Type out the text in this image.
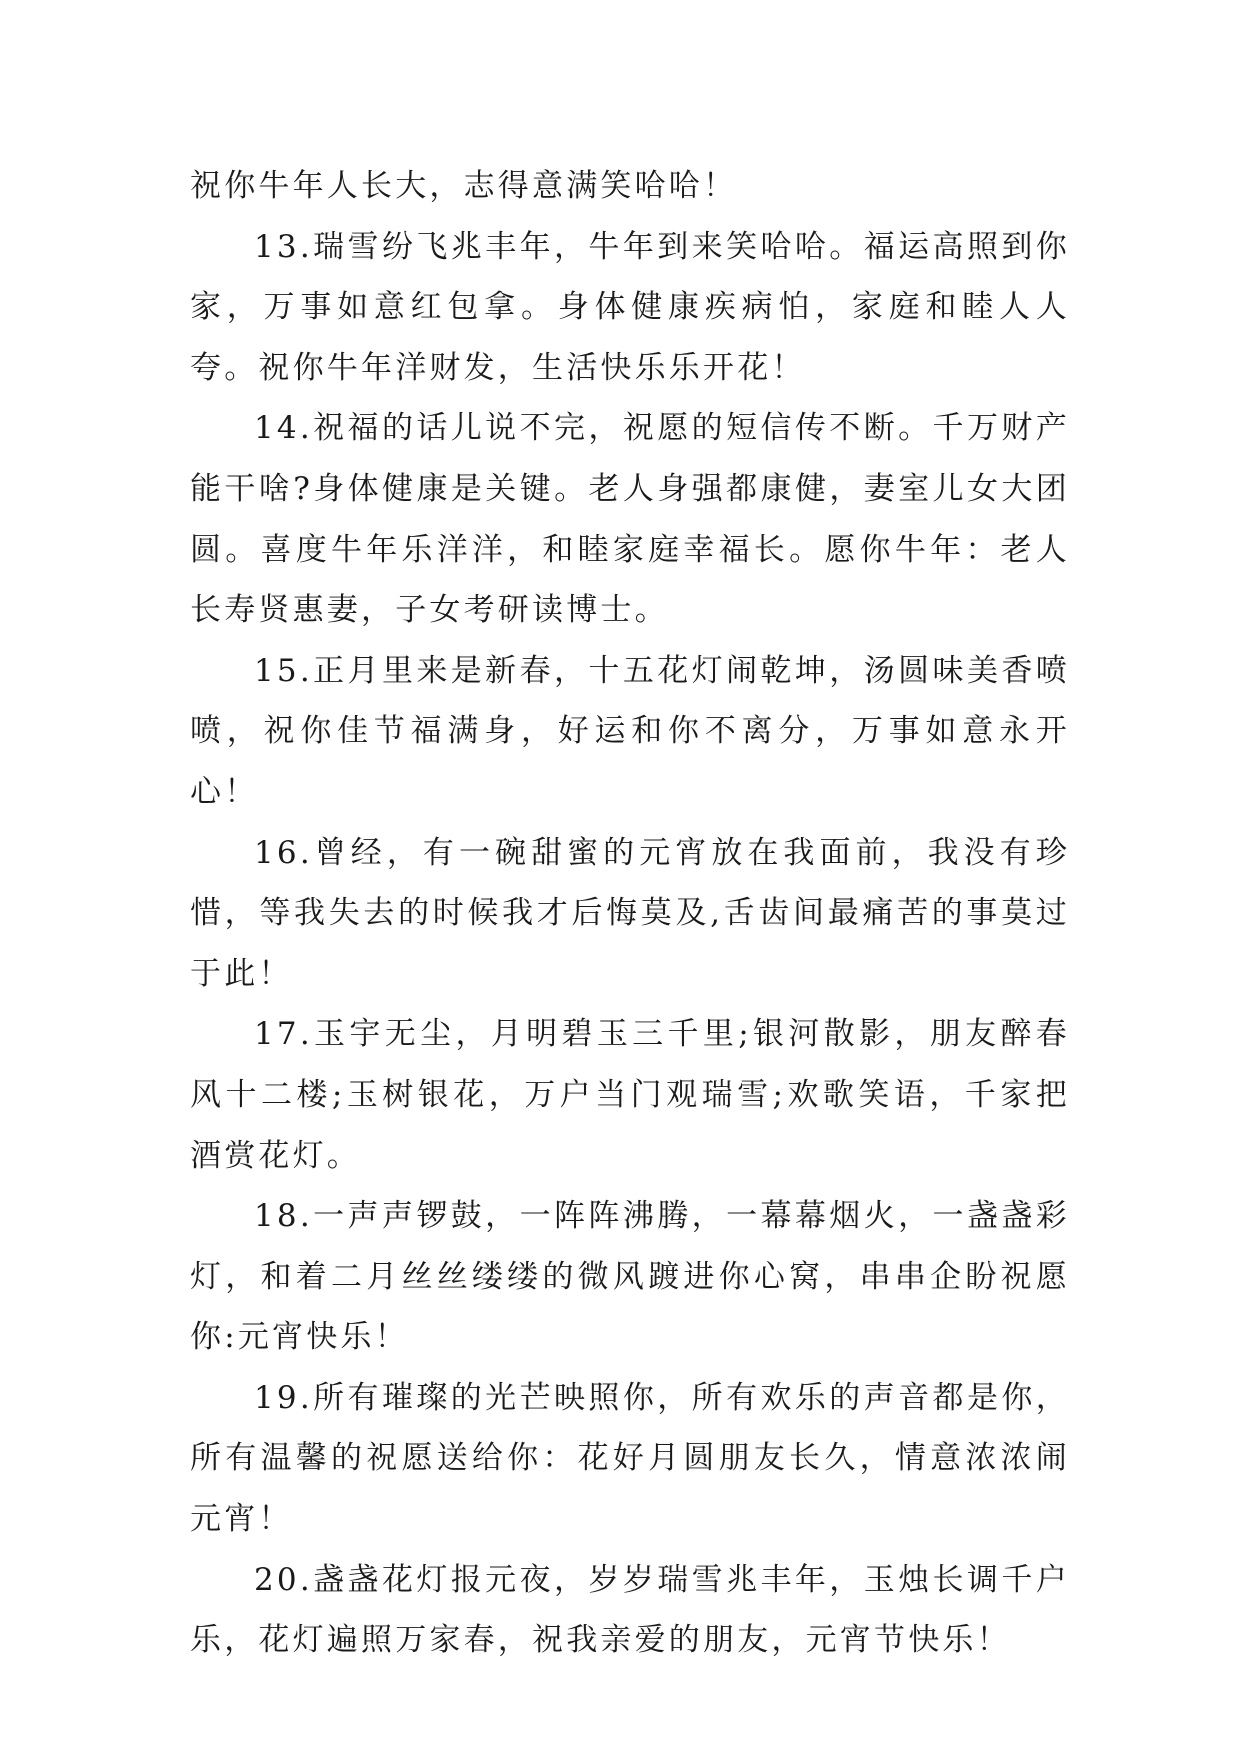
祝你牛年人长大，志得意满笑哈哈！

13.瑞雪纷飞兆丰年，牛年到来笑哈哈。福运高照到你家，万事如意红包拿。身体健康疾病怕，家庭和睦人人夸。祝你牛年洋财发，生活快乐乐开花！

14.祝福的话儿说不完，祝愿的短信传不断。千万财产能干啥?身体健康是关键。老人身强都康健，妻室儿女大团圆。喜度牛年乐洋洋，和睦家庭幸福长。愿你牛年：老人长寿贤惠妻，子女考研读博士。

15.正月里来是新春，十五花灯闹乾坤，汤圆味美香喷喷，祝你佳节福满身，好运和你不离分，万事如意永开心！

16.曾经，有一碗甜蜜的元宵放在我面前，我没有珍惜，等我失去的时候我才后悔莫及,舌齿间最痛苦的事莫过于此！

17.玉宇无尘，月明碧玉三千里;银河散影，朋友醉春风十二楼;玉树银花，万户当门观瑞雪;欢歌笑语，千家把酒赏花灯。

18.一声声锣鼓，一阵阵沸腾，一幕幕烟火，一盏盏彩灯，和着二月丝丝缕缕的微风踱进你心窝，串串企盼祝愿你:元宵快乐！

19.所有璀璨的光芒映照你，所有欢乐的声音都是你，所有温馨的祝愿送给你：花好月圆朋友长久，情意浓浓闹元宵！

20.盏盏花灯报元夜，岁岁瑞雪兆丰年，玉烛长调千户乐，花灯遍照万家春，祝我亲爱的朋友，元宵节快乐！
